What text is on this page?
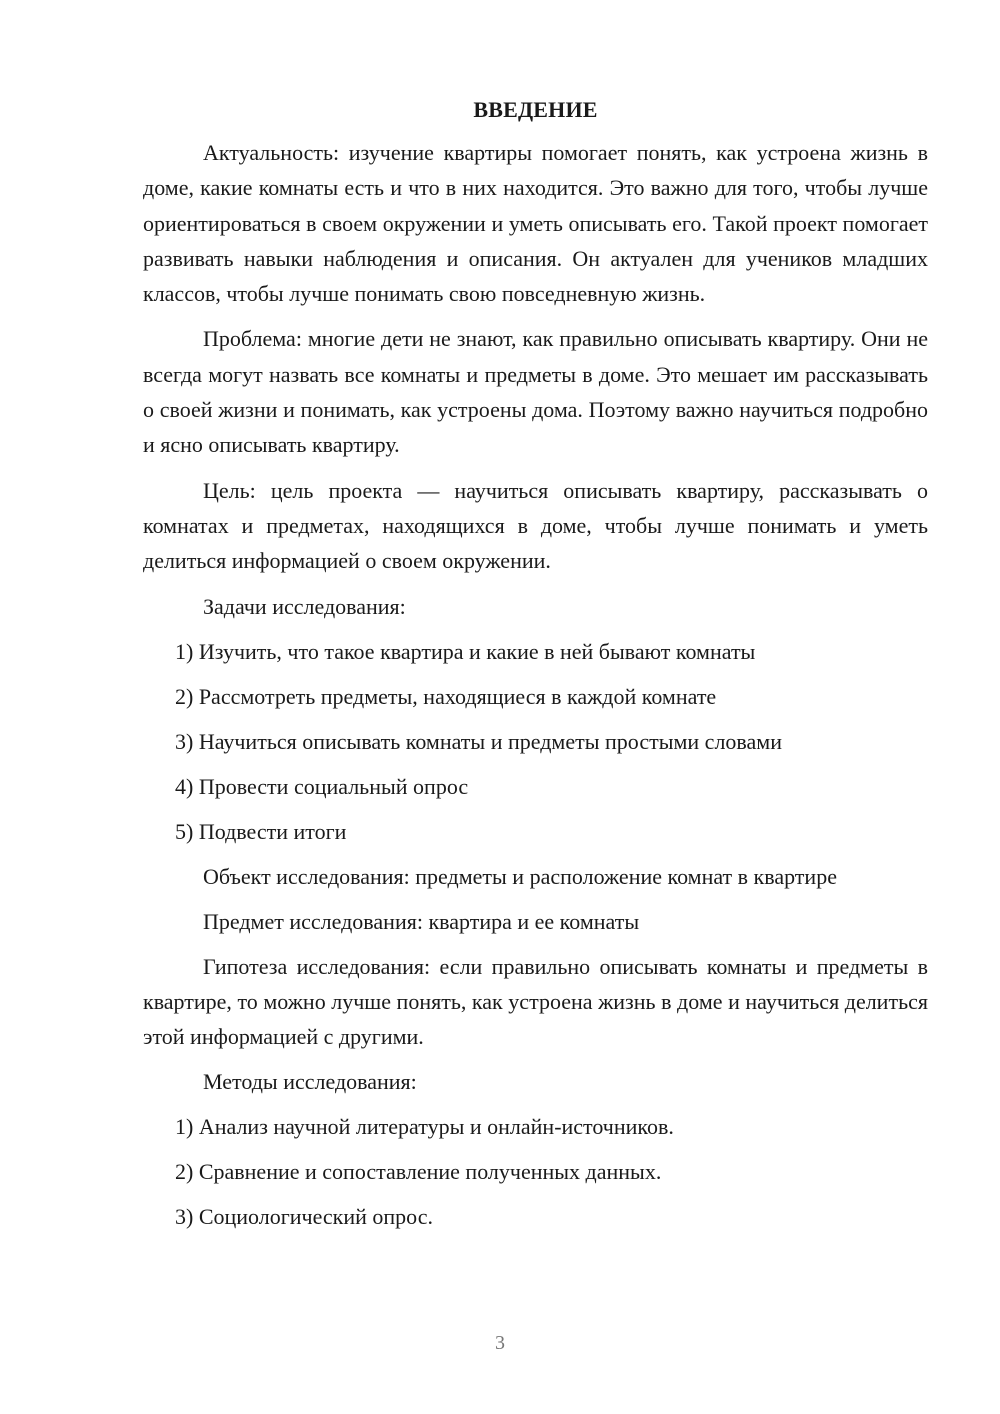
ВВЕДЕНИЕ

Актуальность: изучение квартиры помогает понять, как устроена жизнь в доме, какие комнаты есть и что в них находится. Это важно для того, чтобы лучше ориентироваться в своем окружении и уметь описывать его. Такой проект помогает развивать навыки наблюдения и описания. Он актуален для учеников младших классов, чтобы лучше понимать свою повседневную жизнь.

Проблема: многие дети не знают, как правильно описывать квартиру. Они не всегда могут назвать все комнаты и предметы в доме. Это мешает им рассказывать о своей жизни и понимать, как устроены дома. Поэтому важно научиться подробно и ясно описывать квартиру.

Цель: цель проекта — научиться описывать квартиру, рассказывать о комнатах и предметах, находящихся в доме, чтобы лучше понимать и уметь делиться информацией о своем окружении.

Задачи исследования:
1) Изучить, что такое квартира и какие в ней бывают комнаты
2) Рассмотреть предметы, находящиеся в каждой комнате
3) Научиться описывать комнаты и предметы простыми словами
4) Провести социальный опрос
5) Подвести итоги
Объект исследования: предметы и расположение комнат в квартире
Предмет исследования: квартира и ее комнаты

Гипотеза исследования: если правильно описывать комнаты и предметы в квартире, то можно лучше понять, как устроена жизнь в доме и научиться делиться этой информацией с другими.

Методы исследования:
1) Анализ научной литературы и онлайн-источников.
2) Сравнение и сопоставление полученных данных.
3) Социологический опрос.
3
